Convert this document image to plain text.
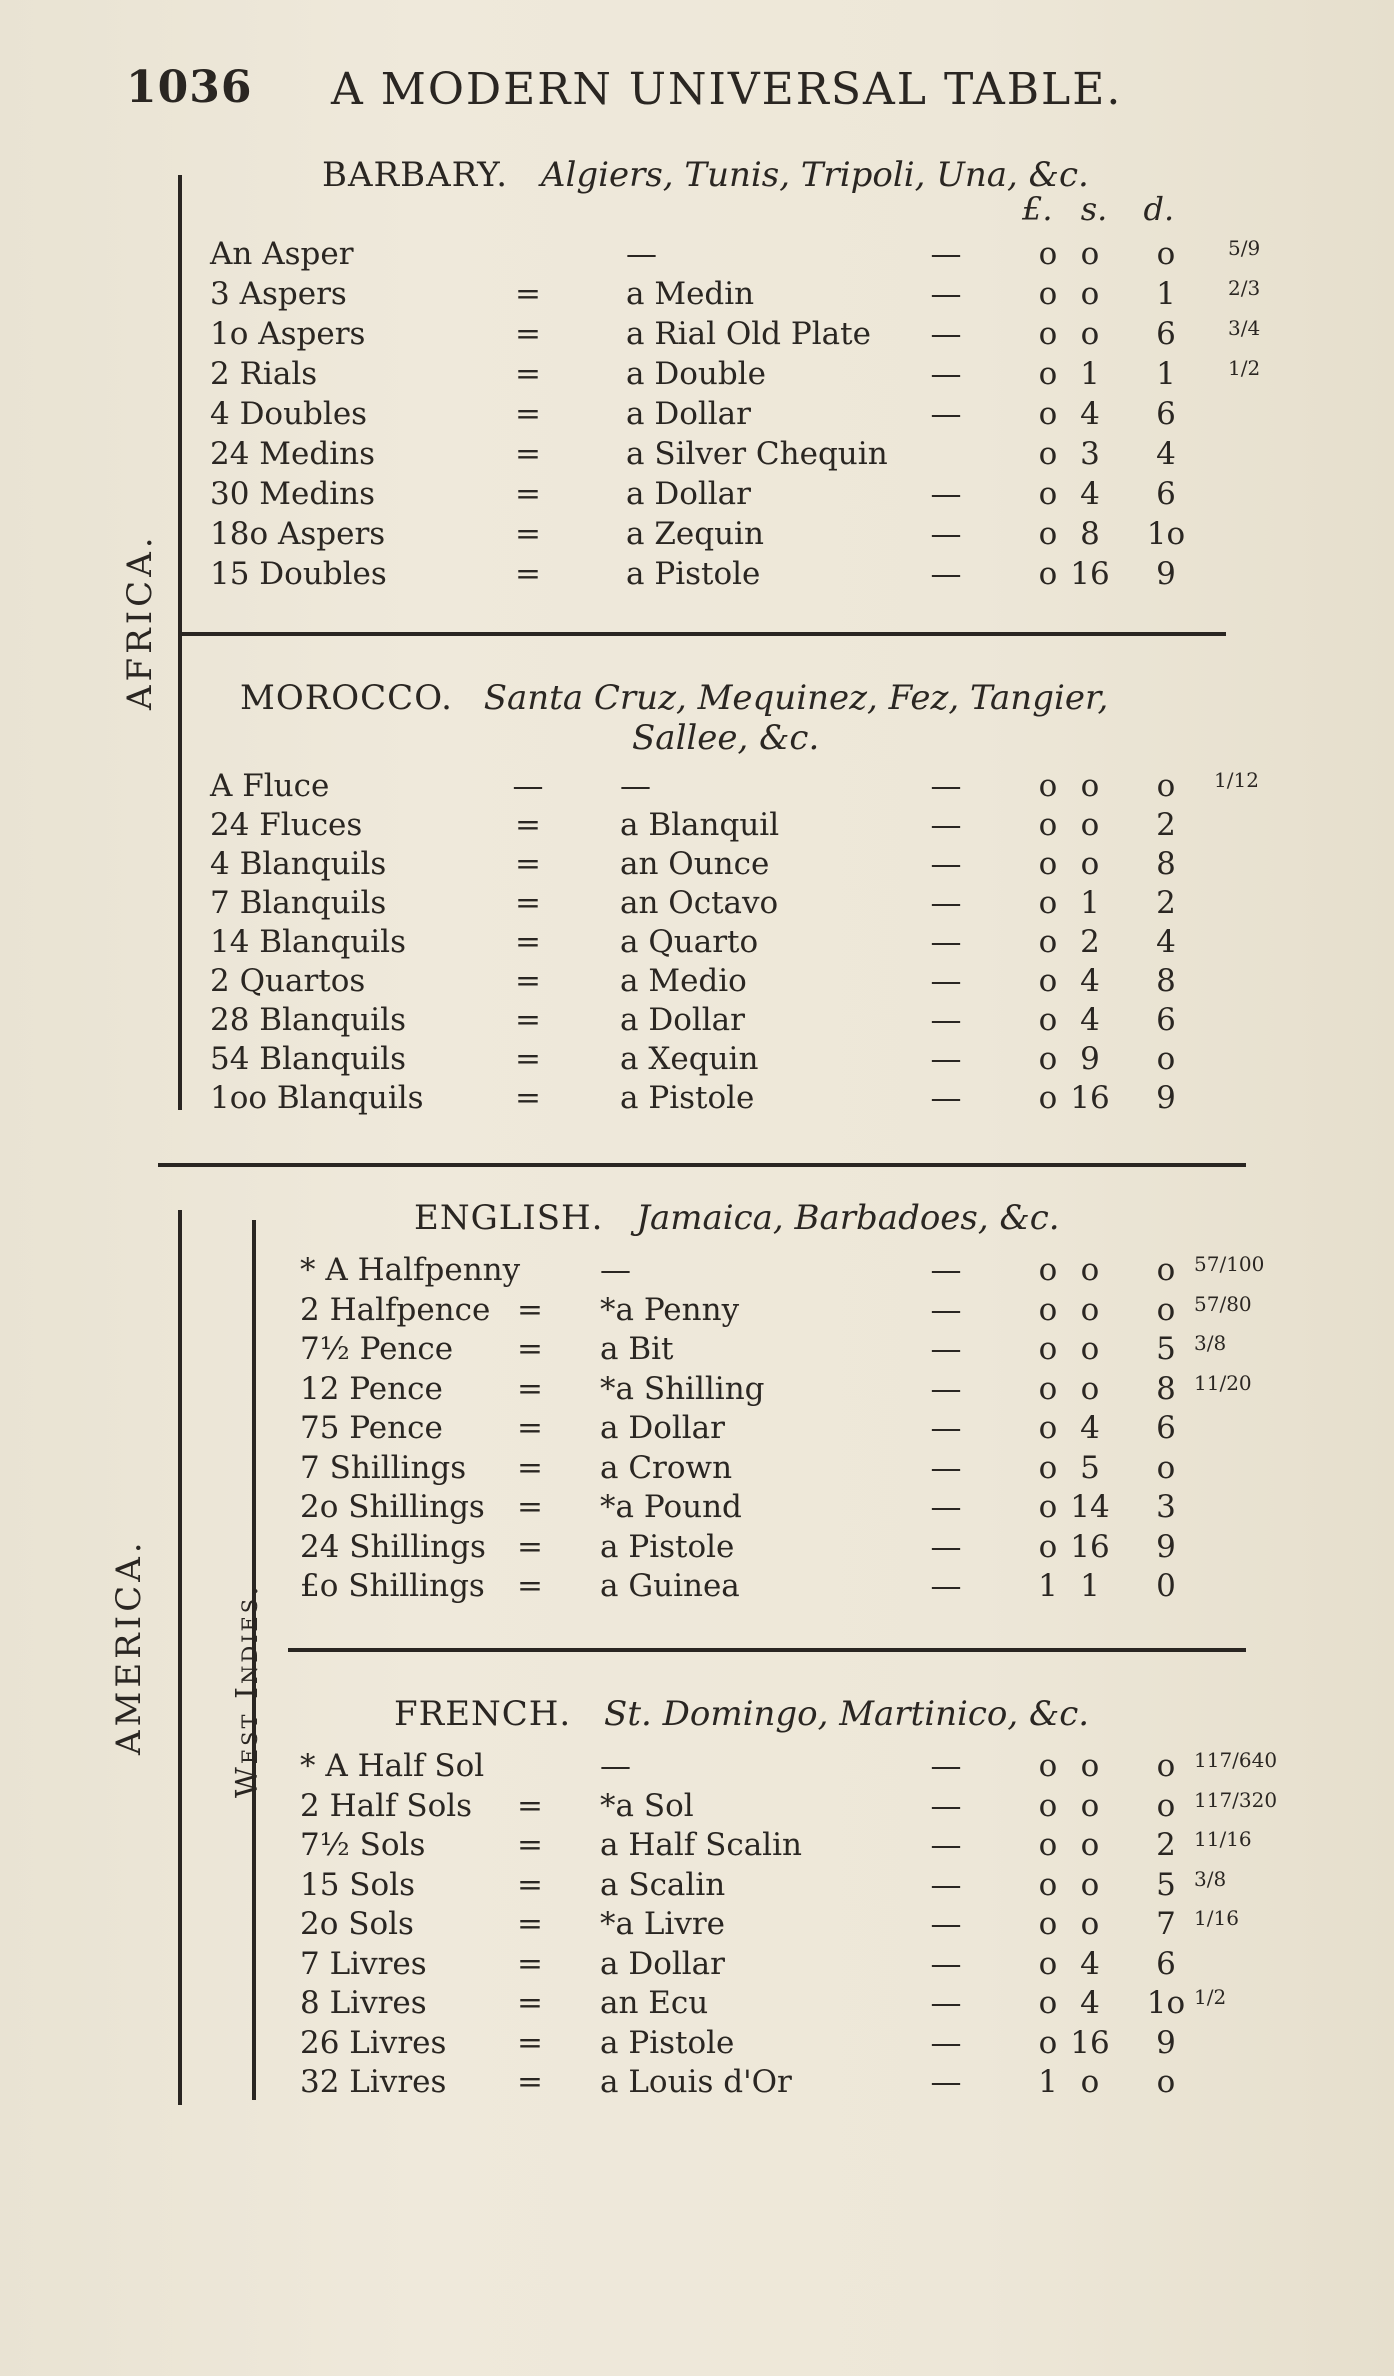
1036 A MODERN UNIVERSAL TABLE.
AFRICA.
BARBARY. Algiers, Tunis, Tripoli, Una, &c.
£. s. d.
An Asper	—	—	o o	o	5/9
3 Aspers	=	a Medin	—	o o	1	2/3
1o Aspers	=	a Rial Old Plate	—	o o	6	3/4
2 Rials	=	a Double	—	o 1	1	1/2
4 Doubles	=	a Dollar	—	o 4	6
24 Medins	=	a Silver Chequin	o 3	4
30 Medins	=	a Dollar	—	o 4	6
18o Aspers	=	a Zequin	—	o 8	1o
15 Doubles	=	a Pistole	—	o 16	9
MOROCCO. Santa Cruz, Mequinez, Fez, Tangier,
Sallee, &c.
A Fluce	— —	—	o o	o	1/12
24 Fluces	=	a Blanquil	—	o o	2
4 Blanquils	=	an Ounce	—	o o	8
7 Blanquils	=	an Octavo	—	o 1	2
14 Blanquils	=	a Quarto	—	o 2	4
2 Quartos	=	a Medio	—	o 4	8
28 Blanquils	=	a Dollar	—	o 4	6
54 Blanquils	=	a Xequin	—	o 9	o
1oo Blanquils	=	a Pistole	—	o 16	9
AMERICA.	West Indies.
ENGLISH. Jamaica, Barbadoes, &c.
* A Halfpenny	—	—	o o	o 57/100
2 Halfpence = *a Penny	—	o o	o 57/80
7½ Pence = a Bit	—	o o	5 3/8
12 Pence = *a Shilling	—	o o	8 11/20
75 Pence = a Dollar	—	o 4	6
7 Shillings = a Crown	—	o 5	o
2o Shillings = *a Pound	—	o 14	3
24 Shillings = a Pistole	—	o 16	9
£o Shillings = a Guinea	—	1 1	0
FRENCH. St. Domingo, Martinico, &c.
* A Half Sol	—	—	o o	o 117/640
2 Half Sols = *a Sol	—	o o	o 117/320
7½ Sols	= a Half Scalin	—	o o	2 11/16
15 Sols	= a Scalin	—	o o	5 3/8
2o Sols	= *a Livre	—	o o	7 1/16
7 Livres	= a Dollar	—	o 4	6
8 Livres	= an Ecu	—	o 4	1o 1/2
26 Livres = a Pistole	—	o 16	9
32 Livres = a Louis d'Or	—	1 o	o
